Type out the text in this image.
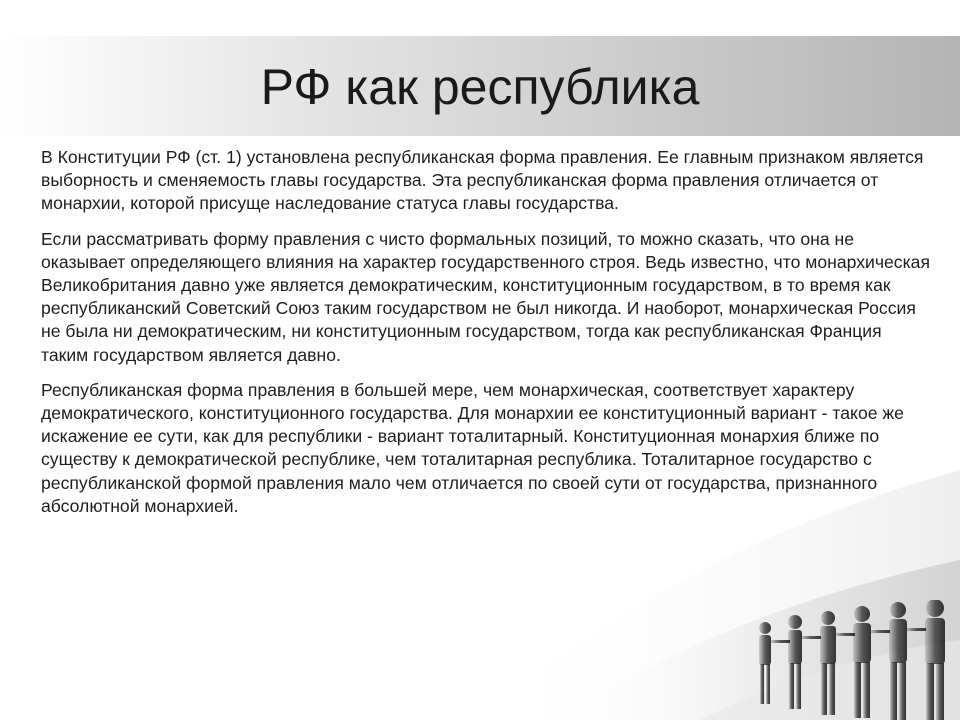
РФ как республика

В Конституции РФ (ст. 1) установлена республиканская форма правления. Ее главным признаком является выборность и сменяемость главы государства. Эта республиканская форма правления отличается от монархии, которой присуще наследование статуса главы государства.

Если рассматривать форму правления с чисто формальных позиций, то можно сказать, что она не оказывает определяющего влияния на характер государственного строя. Ведь известно, что монархическая Великобритания давно уже является демократическим, конституционным государством, в то время как республиканский Советский Союз таким государством не был никогда. И наоборот, монархическая Россия не была ни демократическим, ни конституционным государством, тогда как республиканская Франция таким государством является давно.

Республиканская форма правления в большей мере, чем монархическая, соответствует характеру демократического, конституционного государства. Для монархии ее конституционный вариант - такое же искажение ее сути, как для республики - вариант тоталитарный. Конституционная монархия ближе по существу к демократической республике, чем тоталитарная республика. Тоталитарное государство с республиканской формой правления мало чем отличается по своей сути от государства, признанного абсолютной монархией.
